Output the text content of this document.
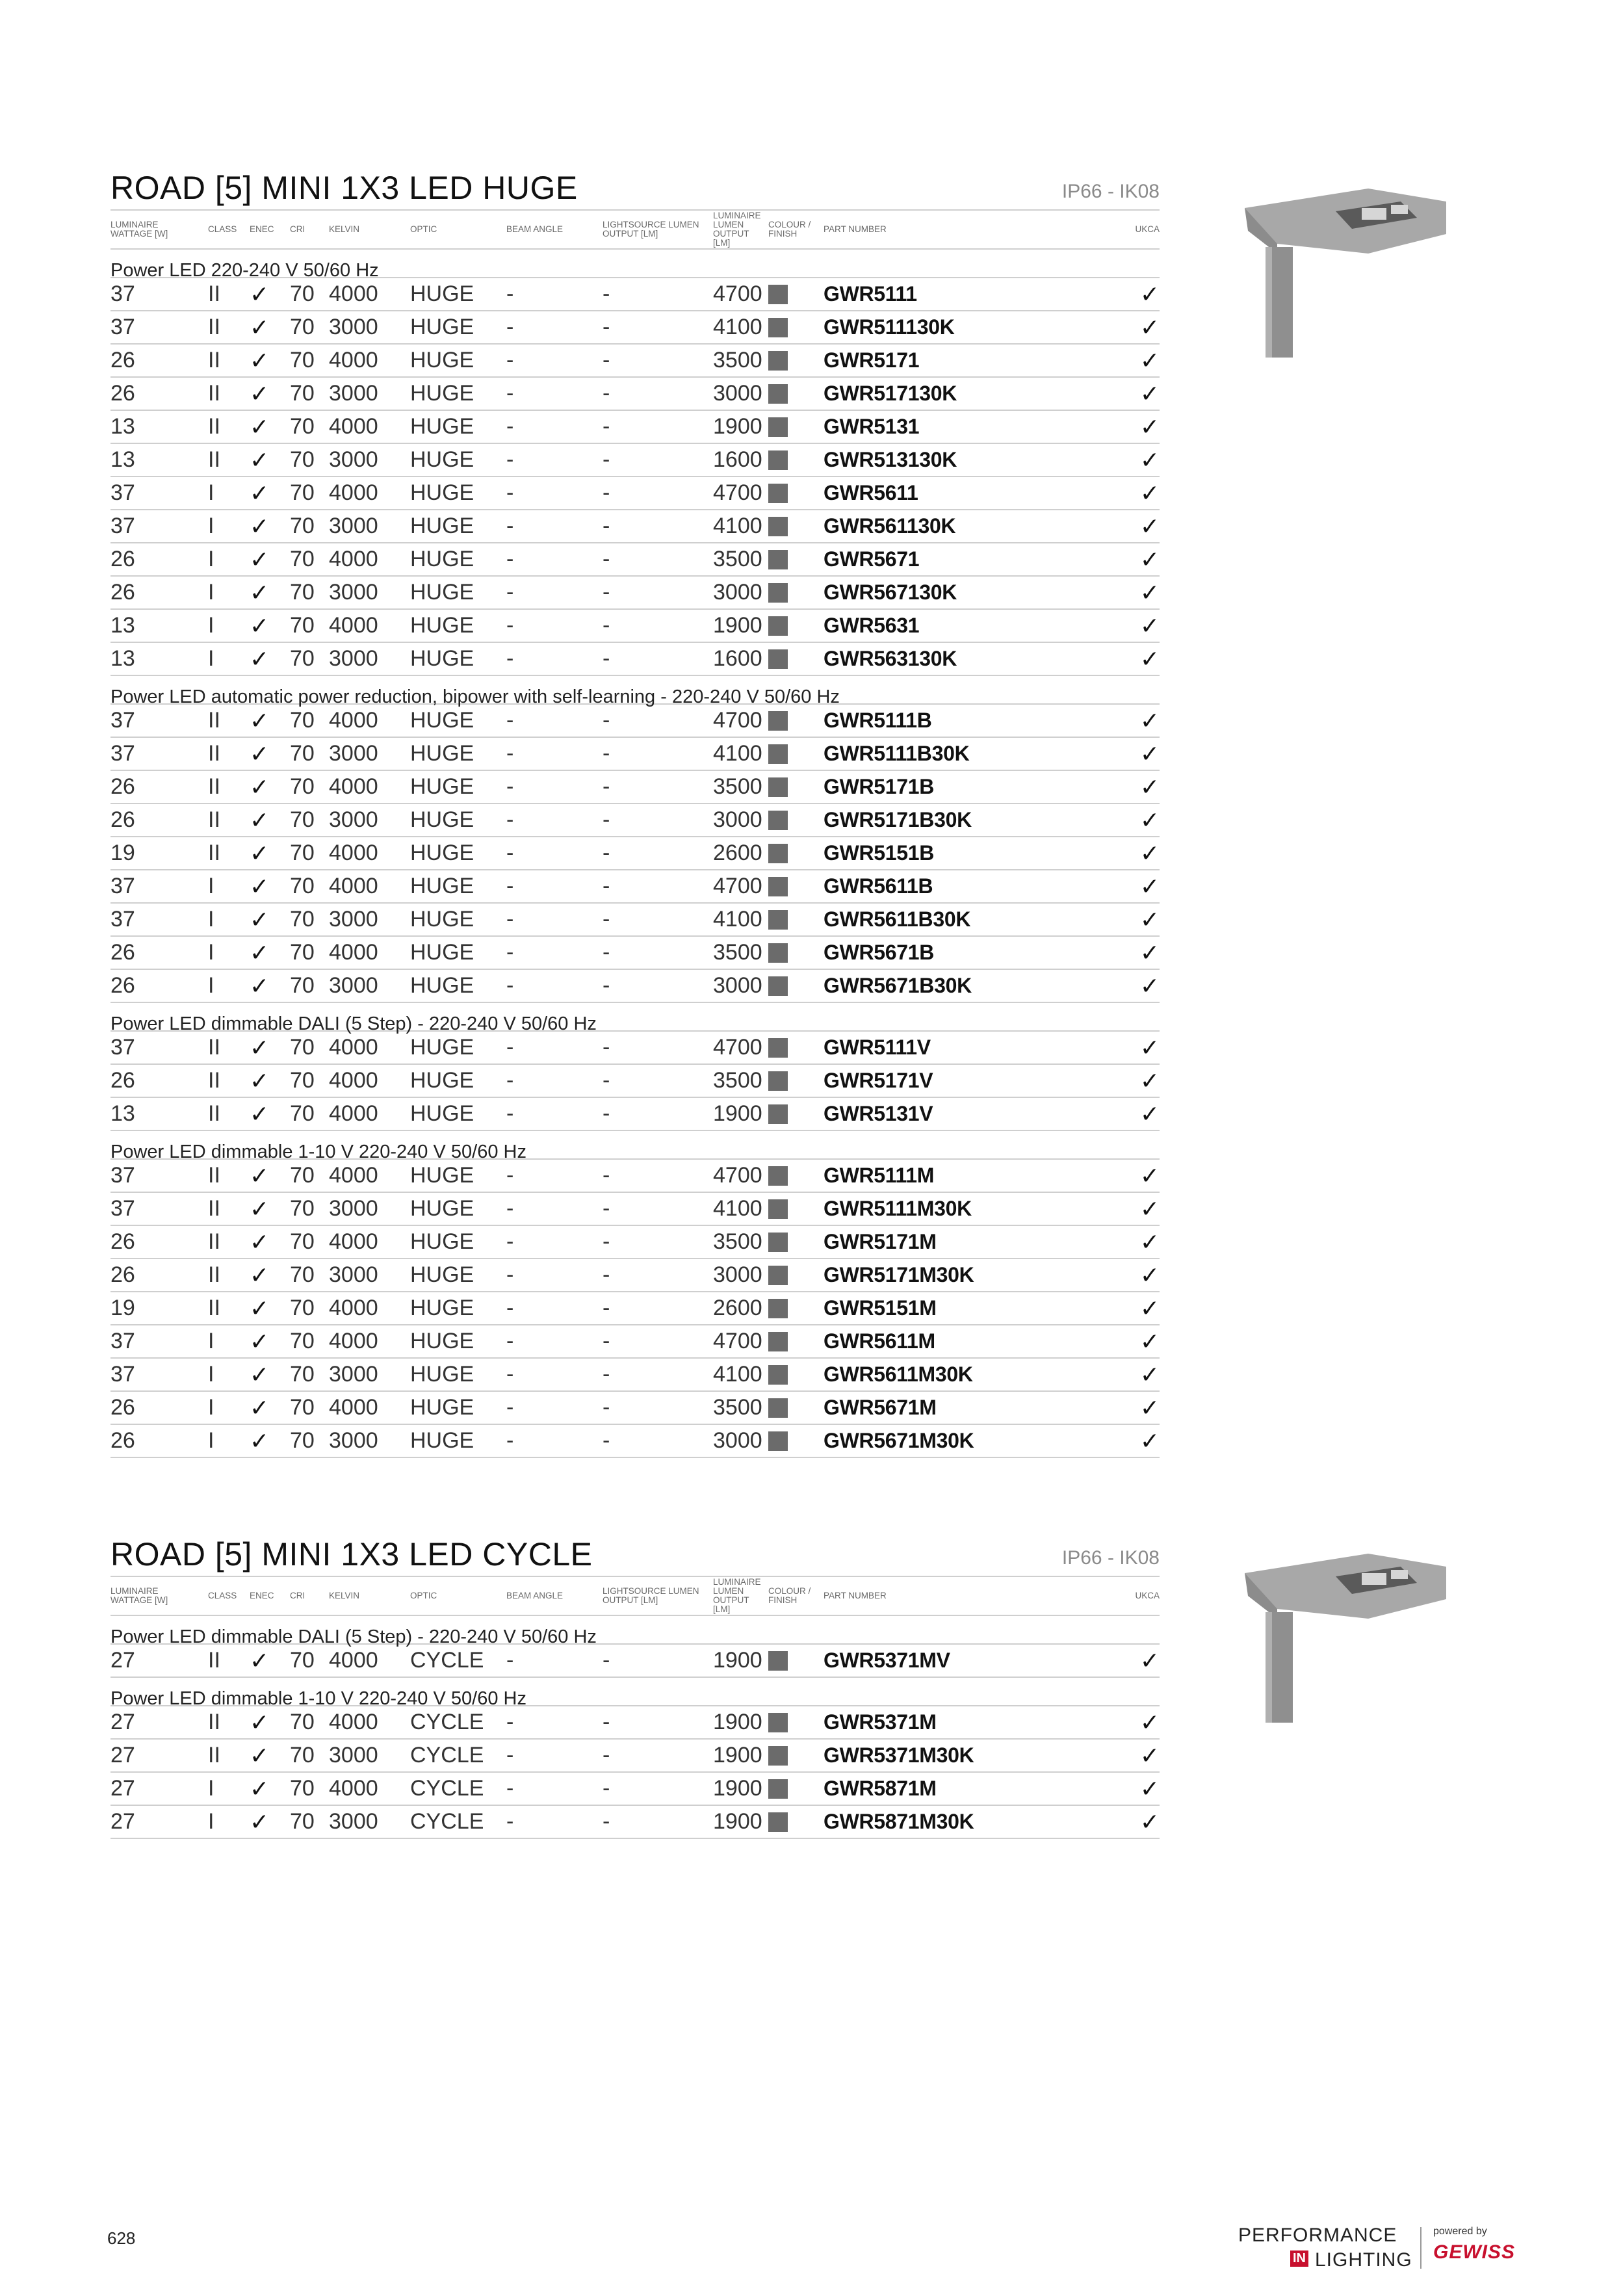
ROAD [5] MINI 1X3 LED HUGE	IP66 - IK08
LUMINAIRE
WATTAGE [W]	CLASS	ENEC	CRI	KELVIN	OPTIC	BEAM ANGLE	LIGHTSOURCE LUMEN
OUTPUT [LM]
LUMINAIRE LUMEN
OUTPUT [LM]
COLOUR /
FINISH	PART NUMBER	UKCA
Power LED 220-240 V 50/60 Hz
37	II	✓ 70 4000	HUGE	-	-	4700	GWR5111	✓
37	II	✓ 70 3000	HUGE	-	-	4100	GWR511130K	✓
26	II	✓ 70 4000	HUGE	-	-	3500	GWR5171	✓
26	II	✓ 70 3000	HUGE	-	-	3000	GWR517130K	✓
13	II	✓ 70 4000	HUGE	-	-	1900	GWR5131	✓
13	II	✓ 70 3000	HUGE	-	-	1600	GWR513130K	✓
37	I	✓ 70 4000	HUGE	-	-	4700	GWR5611	✓
37	I	✓ 70 3000	HUGE	-	-	4100	GWR561130K	✓
26	I	✓ 70 4000	HUGE	-	-	3500	GWR5671	✓
26	I	✓ 70 3000	HUGE	-	-	3000	GWR567130K	✓
13	I	✓ 70 4000	HUGE	-	-	1900	GWR5631	✓
13	I	✓ 70 3000	HUGE	-	-	1600	GWR563130K	✓
Power LED automatic power reduction, bipower with self-learning - 220-240 V 50/60 Hz
37	II	✓ 70 4000	HUGE	-	-	4700	GWR5111B	✓
37	II	✓ 70 3000	HUGE	-	-	4100	GWR5111B30K	✓
26	II	✓ 70 4000	HUGE	-	-	3500	GWR5171B	✓
26	II	✓ 70 3000	HUGE	-	-	3000	GWR5171B30K	✓
19	II	✓ 70 4000	HUGE	-	-	2600	GWR5151B	✓
37	I	✓ 70 4000	HUGE	-	-	4700	GWR5611B	✓
37	I	✓ 70 3000	HUGE	-	-	4100	GWR5611B30K	✓
26	I	✓ 70 4000	HUGE	-	-	3500	GWR5671B	✓
26	I	✓ 70 3000	HUGE	-	-	3000	GWR5671B30K	✓
Power LED dimmable DALI (5 Step) - 220-240 V 50/60 Hz
37	II	✓ 70 4000	HUGE	-	-	4700	GWR5111V	✓
26	II	✓ 70 4000	HUGE	-	-	3500	GWR5171V	✓
13	II	✓ 70 4000	HUGE	-	-	1900	GWR5131V	✓
Power LED dimmable 1-10 V 220-240 V 50/60 Hz
37	II	✓ 70 4000	HUGE	-	-	4700	GWR5111M	✓
37	II	✓ 70 3000	HUGE	-	-	4100	GWR5111M30K	✓
26	II	✓ 70 4000	HUGE	-	-	3500	GWR5171M	✓
26	II	✓ 70 3000	HUGE	-	-	3000	GWR5171M30K	✓
19	II	✓ 70 4000	HUGE	-	-	2600	GWR5151M	✓
37	I	✓ 70 4000	HUGE	-	-	4700	GWR5611M	✓
37	I	✓ 70 3000	HUGE	-	-	4100	GWR5611M30K	✓
26	I	✓ 70 4000	HUGE	-	-	3500	GWR5671M	✓
26	I	✓ 70 3000	HUGE	-	-	3000	GWR5671M30K	✓
ROAD [5] MINI 1X3 LED CYCLE	IP66 - IK08
LUMINAIRE
WATTAGE [W]	CLASS	ENEC	CRI	KELVIN	OPTIC	BEAM ANGLE	LIGHTSOURCE LUMEN
OUTPUT [LM]
LUMINAIRE LUMEN
OUTPUT [LM]
COLOUR /
FINISH	PART NUMBER	UKCA
Power LED dimmable DALI (5 Step) - 220-240 V 50/60 Hz
27	II	✓ 70 4000	CYCLE	-	-	1900	GWR5371MV	✓
Power LED dimmable 1-10 V 220-240 V 50/60 Hz
27	II	✓ 70 4000	CYCLE	-	-	1900	GWR5371M	✓
27	II	✓ 70 3000	CYCLE	-	-	1900	GWR5371M30K	✓
27	I	✓ 70 4000	CYCLE	-	-	1900	GWR5871M	✓
27	I	✓ 70 3000	CYCLE	-	-	1900	GWR5871M30K	✓
628	PERFORMANCE
IN LIGHTING
powered by
GEWISS
